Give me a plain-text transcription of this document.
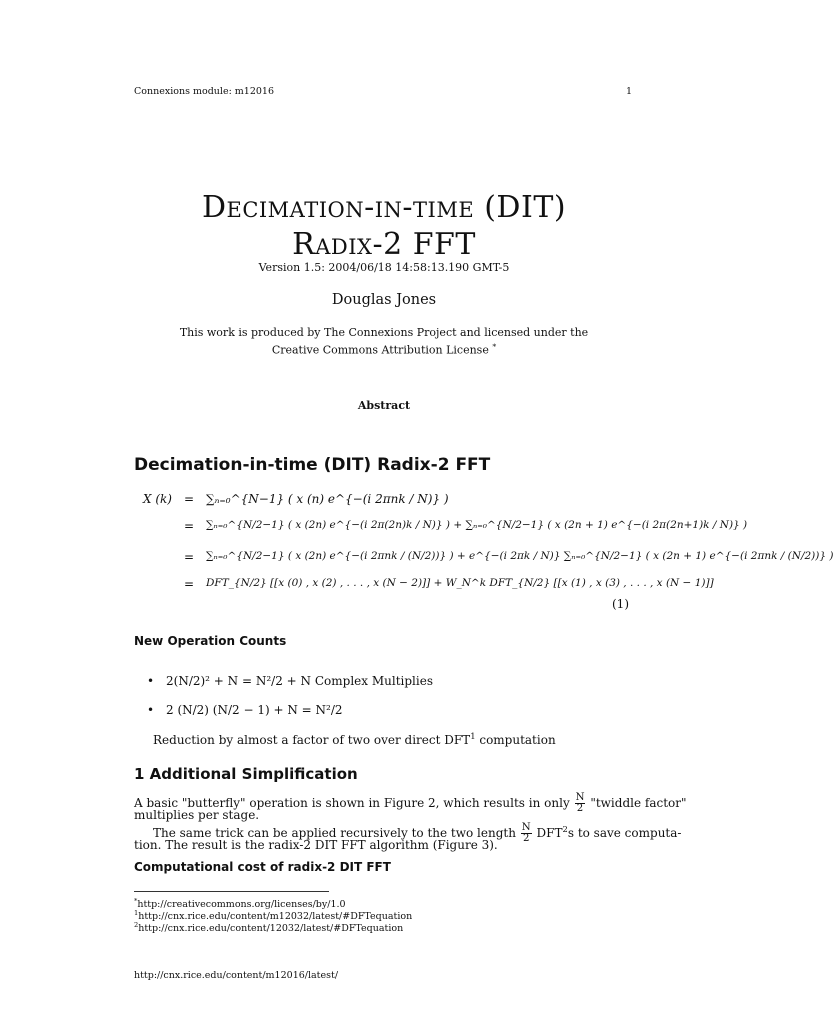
Connexions module: m12016	1
Decimation-in-time (DIT)
Radix-2 FFT
Version 1.5: 2004/06/18 14:58:13.190 GMT-5
Douglas Jones
This work is produced by The Connexions Project and licensed under the
Creative Commons Attribution License *
Abstract
Decimation-in-time (DIT) Radix-2 FFT
X (k) =
=
=
=
∑ₙ₌₀^{N−1} ( x (n) e^{−(i 2πnk / N)} )
∑ₙ₌₀^{N/2−1} ( x (2n) e^{−(i 2π(2n)k / N)} ) + ∑ₙ₌₀^{N/2−1} ( x (2n + 1) e^{−(i 2π(2n+1)k / N)} )
∑ₙ₌₀^{N/2−1} ( x (2n) e^{−(i 2πnk / (N/2))} ) + e^{−(i 2πk / N)} ∑ₙ₌₀^{N/2−1} ( x (2n + 1) e^{−(i 2πnk / (N/2))} )
DFT_{N/2} [[x (0) , x (2) , . . . , x (N − 2)]] + W_N^k DFT_{N/2} [[x (1) , x (3) , . . . , x (N − 1)]]
(1)
New Operation Counts
• 2(N/2)² + N = N²/2 + N Complex Multiplies
• 2 (N/2) (N/2 − 1) + N = N²/2
Reduction by almost a factor of two over direct DFT$^1$ computation
1 Additional Simplification
A basic "butterfly" operation is shown in Figure 2, which results in only $\frac{N}{2}$ "twiddle factor"
multiplies per stage.
The same trick can be applied recursively to the two length $\frac{N}{2} DFT^2s$ to save computa-
tion. The result is the radix-2 DIT FFT algorithm (Figure 3).
Computational cost of radix-2 DIT FFT
*http://creativecommons.org/licenses/by/1.0
$^1$http://cnx.rice.edu/content/m12032/latest/#DFTequation
$^2$http://cnx.rice.edu/content/12032/latest/#DFTequation
http://cnx.rice.edu/content/m12016/latest/
